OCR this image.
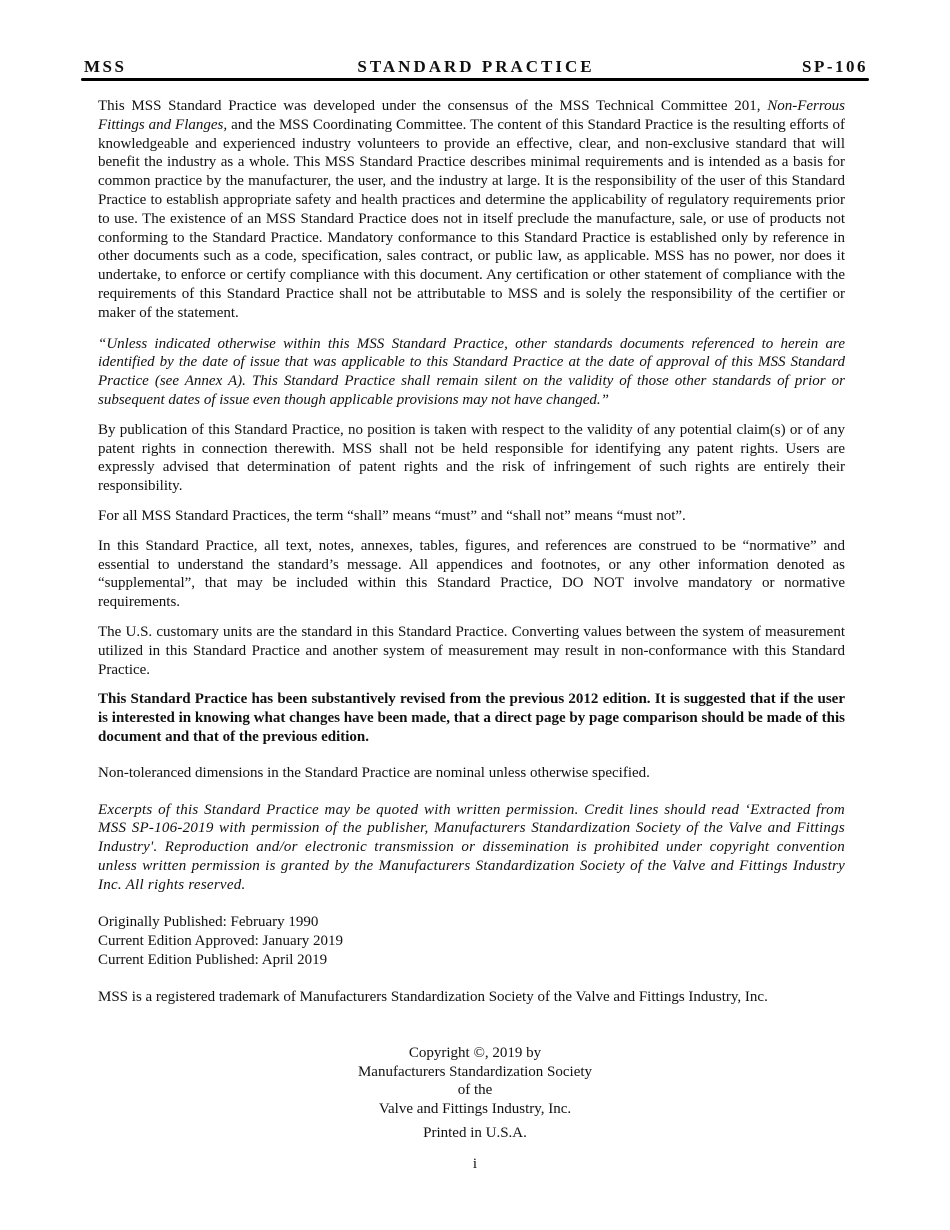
MSS	STANDARD PRACTICE	SP-106

This MSS Standard Practice was developed under the consensus of the MSS Technical Committee 201, Non-Ferrous Fittings and Flanges, and the MSS Coordinating Committee. The content of this Standard Practice is the resulting efforts of knowledgeable and experienced industry volunteers to provide an effective, clear, and non-exclusive standard that will benefit the industry as a whole. This MSS Standard Practice describes minimal requirements and is intended as a basis for common practice by the manufacturer, the user, and the industry at large. It is the responsibility of the user of this Standard Practice to establish appropriate safety and health practices and determine the applicability of regulatory requirements prior to use. The existence of an MSS Standard Practice does not in itself preclude the manufacture, sale, or use of products not conforming to the Standard Practice. Mandatory conformance to this Standard Practice is established only by reference in other documents such as a code, specification, sales contract, or public law, as applicable. MSS has no power, nor does it undertake, to enforce or certify compliance with this document. Any certification or other statement of compliance with the requirements of this Standard Practice shall not be attributable to MSS and is solely the responsibility of the certifier or maker of the statement.

“Unless indicated otherwise within this MSS Standard Practice, other standards documents referenced to herein are identified by the date of issue that was applicable to this Standard Practice at the date of approval of this MSS Standard Practice (see Annex A). This Standard Practice shall remain silent on the validity of those other standards of prior or subsequent dates of issue even though applicable provisions may not have changed.”

By publication of this Standard Practice, no position is taken with respect to the validity of any potential claim(s) or of any patent rights in connection therewith. MSS shall not be held responsible for identifying any patent rights. Users are expressly advised that determination of patent rights and the risk of infringement of such rights are entirely their responsibility.

For all MSS Standard Practices, the term “shall” means “must” and “shall not” means “must not”.

In this Standard Practice, all text, notes, annexes, tables, figures, and references are construed to be “normative” and essential to understand the standard’s message. All appendices and footnotes, or any other information denoted as “supplemental”, that may be included within this Standard Practice, DO NOT involve mandatory or normative requirements.

The U.S. customary units are the standard in this Standard Practice. Converting values between the system of measurement utilized in this Standard Practice and another system of measurement may result in non-conformance with this Standard Practice.

This Standard Practice has been substantively revised from the previous 2012 edition. It is suggested that if the user is interested in knowing what changes have been made, that a direct page by page comparison should be made of this document and that of the previous edition.

Non-toleranced dimensions in the Standard Practice are nominal unless otherwise specified.

Excerpts of this Standard Practice may be quoted with written permission. Credit lines should read ‘Extracted from MSS SP-106-2019 with permission of the publisher, Manufacturers Standardization Society of the Valve and Fittings Industry'. Reproduction and/or electronic transmission or dissemination is prohibited under copyright convention unless written permission is granted by the Manufacturers Standardization Society of the Valve and Fittings Industry Inc. All rights reserved.

Originally Published: February 1990
Current Edition Approved: January 2019
Current Edition Published: April 2019

MSS is a registered trademark of Manufacturers Standardization Society of the Valve and Fittings Industry, Inc.

Copyright ©, 2019 by
Manufacturers Standardization Society
of the
Valve and Fittings Industry, Inc.
Printed in U.S.A.
i
